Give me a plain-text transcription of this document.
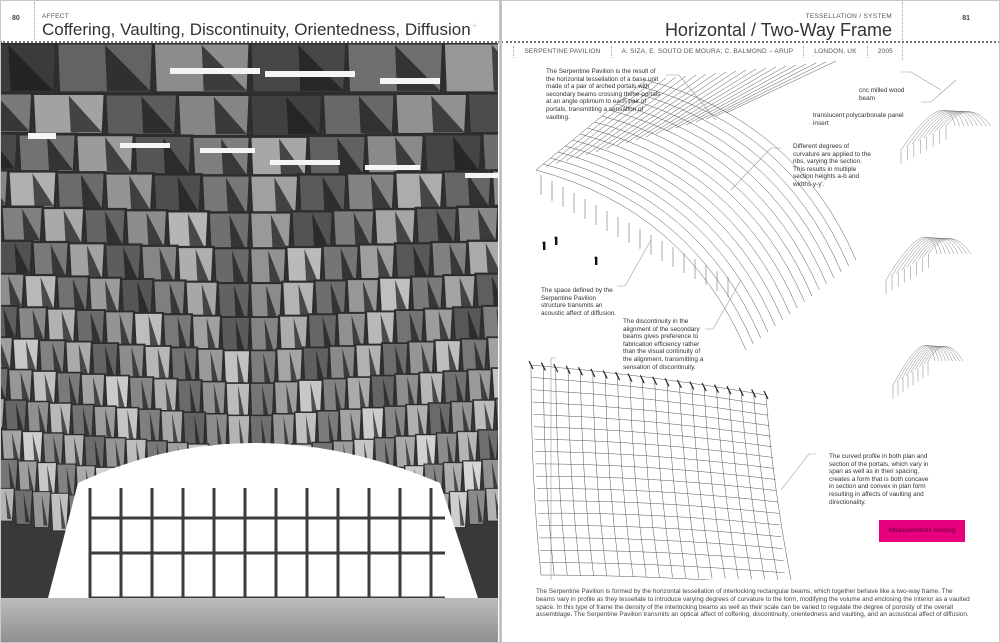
80	AFFECT
Coffering, Vaulting, Discontinuity, Orientedness, Diffusion⁘
TESSELLATION / SYSTEM
Horizontal / Two-Way Frame
81
SERPENTINE PAVILION	A. SIZA, E. SOUTO DE MOURA; C. BALMOND – ARUP	LONDON, UK	2005
The Serpentine Pavilion is the result of the horizontal tessellation of a base unit made of a pair of arched portals with secondary beams crossing these portals at an angle optimum to each pair of portals, transmitting a sensation of vaulting.
cnc milled wood beam
translucent polycarbonate panel insert
Different degrees of curvature are applied to the ribs, varying the section. This results in multiple section heights a-b and widths y-y'.
The space defined by the Serpentine Pavilion structure transmits an acoustic affect of diffusion.
The discontinuity in the alignment of the secondary beams gives preference to fabrication efficiency rather than the visual continuity of the alignment, transmitting a sensation of discontinuity.
The curved profile in both plan and section of the portals, which vary in span as well as in their spacing, creates a form that is both concave in section and convex in plan form resulting in affects of vaulting and directionality.
Measurements missing
The Serpentine Pavilion is formed by the horizontal tessellation of interlocking rectangular beams, which together behave like a two-way frame. The beams vary in profile as they tessellate to introduce varying degrees of curvature to the form, modifying the volume and enclosing the interior as a vaulted space. In this type of frame the density of the interlocking beams as well as their scale can be varied to regulate the degree of porosity of the overall assemblage. The Serpentine Pavilion transmits an optical affect of coffering, discontinuity, orientedness and vaulting, and an acoustical affect of diffusion.
